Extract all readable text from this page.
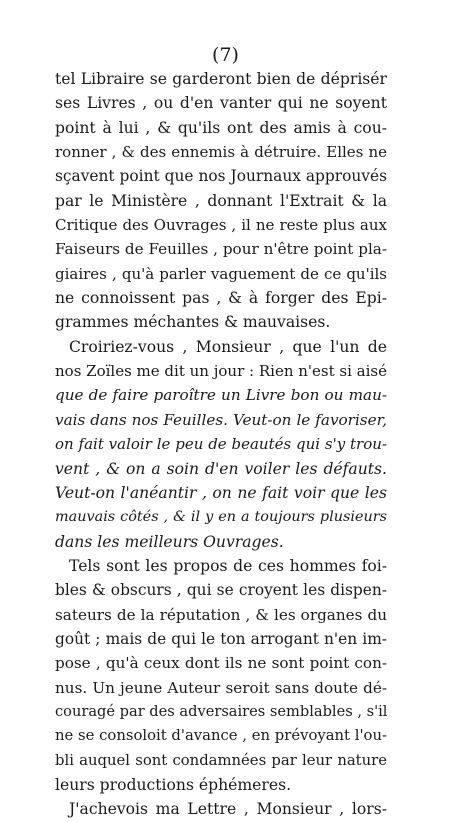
(7)
tel Libraire se garderont bien de déprisér
ses Livres , ou d'en vanter qui ne soyent
point à lui , & qu'ils ont des amis à cou-
ronner , & des ennemis à détruire. Elles ne
sçavent point que nos Journaux approuvés
par le Ministère , donnant l'Extrait & la
Critique des Ouvrages , il ne reste plus aux
Faiseurs de Feuilles , pour n'être point pla-
giaires , qu'à parler vaguement de ce qu'ils
ne connoissent pas , & à forger des Epi-
grammes méchantes & mauvaises.
Croiriez-vous , Monsieur , que l'un de
nos Zoïles me dit un jour : Rien n'est si aisé
que de faire paroître un Livre bon ou mau-
vais dans nos Feuilles. Veut-on le favoriser,
on fait valoir le peu de beautés qui s'y trou-
vent , & on a soin d'en voiler les défauts.
Veut-on l'anéantir , on ne fait voir que les
mauvais côtés , & il y en a toujours plusieurs
dans les meilleurs Ouvrages.
Tels sont les propos de ces hommes foi-
bles & obscurs , qui se croyent les dispen-
sateurs de la réputation , & les organes du
goût ; mais de qui le ton arrogant n'en im-
pose , qu'à ceux dont ils ne sont point con-
nus. Un jeune Auteur seroit sans doute dé-
couragé par des adversaires semblables , s'il
ne se consoloit d'avance , en prévoyant l'ou-
bli auquel sont condamnées par leur nature
leurs productions éphémeres.
J'achevois ma Lettre , Monsieur , lors-
